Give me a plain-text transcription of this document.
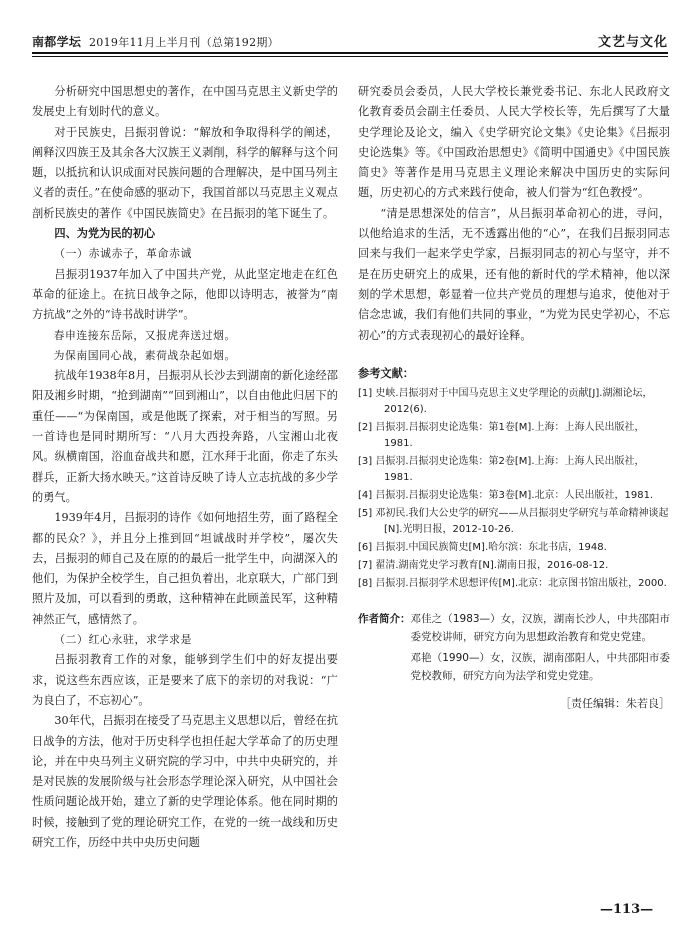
南都学坛 2019年11月上半月刊（总第192期）	文艺与文化

分析研究中国思想史的著作，在中国马克思主义新史学的发展史上有划时代的意义。

对于民族史，吕振羽曾说：“解放和争取得科学的阐述，阐释汉四族王及其余各大汉族王义剥削，科学的解释与这个问题，以抵抗和认识成面对民族问题的合理解决，是中国马列主义者的责任。”在使命感的驱动下，我国首部以马克思主义观点剖析民族史的著作《中国民族简史》在吕振羽的笔下诞生了。

四、为党为民的初心
（一）赤诚赤子，革命赤诚

吕振羽1937年加入了中国共产党，从此坚定地走在红色革命的征途上。在抗日战争之际，他即以诗明志，被誉为“南方抗战”之外的“诗书战时讲学”。

春申连接东岳际，又报虎奔送过烟。

为保南国同心战，素荷战杂起如烟。

抗战年1938年8月，吕振羽从长沙去到湖南的新化途经邵阳及湘乡时期，“抢到湖南”“回到湘山”，以自由他此归居下的重任——“为保南国，或是他既了探索，对于相当的写照。另一首诗也是同时期所写：“八月大西投奔路，八宝湘山北夜风。纵横南国，浴血奋战共和愿，江水拜于北面，你走了东头群兵，正新大扬水映天。”这首诗反映了诗人立志抗战的多少学的勇气。

1939年4月，吕振羽的诗作《如何地招生劳，面了路程全都的民众？》，并且分上推到回“坦诚战时并学校”，屡次失去，吕振羽的师自己及在原的的最后一批学生中，向湖深入的他们，为保护全校学生，自己担负着出，北京联大，广部门到照片及加，可以看到的勇敢，这种精神在此顾盖民军，这种精神然正气，感情然了。

（二）红心永驻，求学求是

吕振羽教育工作的对象，能够到学生们中的好友提出要求，说这些东西应该，正是要来了底下的亲切的对我说：“广为良白了，不忘初心”。

30年代，吕振羽在接受了马克思主义思想以后，曾经在抗日战争的方法，他对于历史科学也担任起大学革命了的历史理论，并在中央马列主义研究院的学习中，中共中央研究的，并是对民族的发展阶级与社会形态学理论深入研究，从中国社会性质问题论战开始，建立了新的史学理论体系。他在同时期的时候，接触到了党的理论研究工作，在党的一统一战线和历史研究工作，历经中共中央历史问题

研究委员会委员，人民大学校长兼党委书记、东北人民政府文化教育委员会副主任委员、人民大学校长等，先后撰写了大量史学理论及论文，编入《史学研究论文集》《史论集》《吕振羽史论选集》等。《中国政治思想史》《简明中国通史》《中国民族简史》等著作是用马克思主义理论来解决中国历史的实际问题，历史初心的方式来践行使命，被人们誉为“红色教授”。

“清是思想深处的信言”，从吕振羽革命初心的进，寻问，以他给追求的生活，无不透露出他的“心”，在我们吕振羽同志回来与我们一起来学史学家，吕振羽同志的初心与坚守，并不是在历史研究上的成果，还有他的新时代的学术精神，他以深刻的学术思想，彰显着一位共产党员的理想与追求，使他对于信念忠诚，我们有他们共同的事业，“为党为民史学初心，不忘初心”的方式表现初心的最好诠释。

参考文献：
[1] 史峡.吕振羽对于中国马克思主义史学理论的贡献[J].湖湘论坛，2012(6).
[2] 吕振羽.吕振羽史论选集：第1卷[M].上海：上海人民出版社，1981.
[3] 吕振羽.吕振羽史论选集：第2卷[M].上海：上海人民出版社，1981.
[4] 吕振羽.吕振羽史论选集：第3卷[M].北京：人民出版社，1981.
[5] 邓初民.我们大公史学的研究——从吕振羽史学研究与革命精神谈起[N].光明日报，2012-10-26.
[6] 吕振羽.中国民族简史[M].哈尔滨：东北书店，1948.
[7] 翟清.湖南党史学习教育[N].湖南日报，2016-08-12.
[8] 吕振羽.吕振羽学术思想评传[M].北京：北京图书馆出版社，2000.
作者简介： 邓佳之（1983—）女，汉族，湖南长沙人，中共邵阳市委党校讲师，研究方向为思想政治教育和党史党建。

邓艳（1990—）女，汉族，湖南邵阳人，中共邵阳市委党校教师，研究方向为法学和党史党建。

［责任编辑：朱若良］
—113—
